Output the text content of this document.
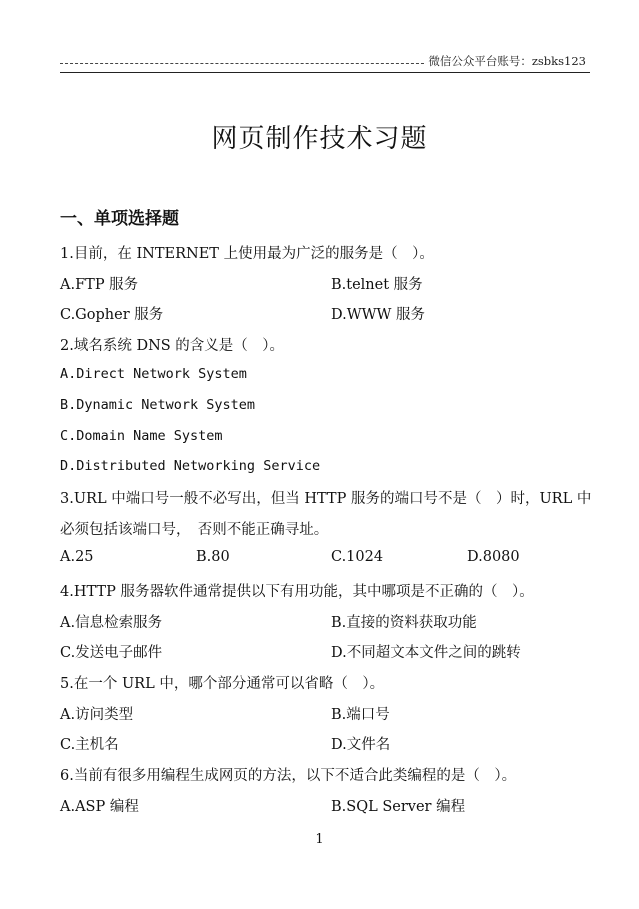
微信公众平台账号：zsbks123
网页制作技术习题
一、单项选择题
1.目前，在 INTERNET 上使用最为广泛的服务是（　）。
A.FTP 服务	B.telnet 服务
C.Gopher 服务	D.WWW 服务
2.域名系统 DNS 的含义是（　）。
A.Direct Network System
B.Dynamic Network System
C.Domain Name System
D.Distributed Networking Service
3.URL 中端口号一般不必写出，但当 HTTP 服务的端口号不是（　）时，URL 中
必须包括该端口号，　否则不能正确寻址。
A.25	B.80	C.1024	D.8080
4.HTTP 服务器软件通常提供以下有用功能，其中哪项是不正确的（　）。
A.信息检索服务	B.直接的资料获取功能
C.发送电子邮件	D.不同超文本文件之间的跳转
5.在一个 URL 中，哪个部分通常可以省略（　）。
A.访问类型	B.端口号
C.主机名	D.文件名
6.当前有很多用编程生成网页的方法，以下不适合此类编程的是（　）。
A.ASP 编程	B.SQL Server 编程
1
